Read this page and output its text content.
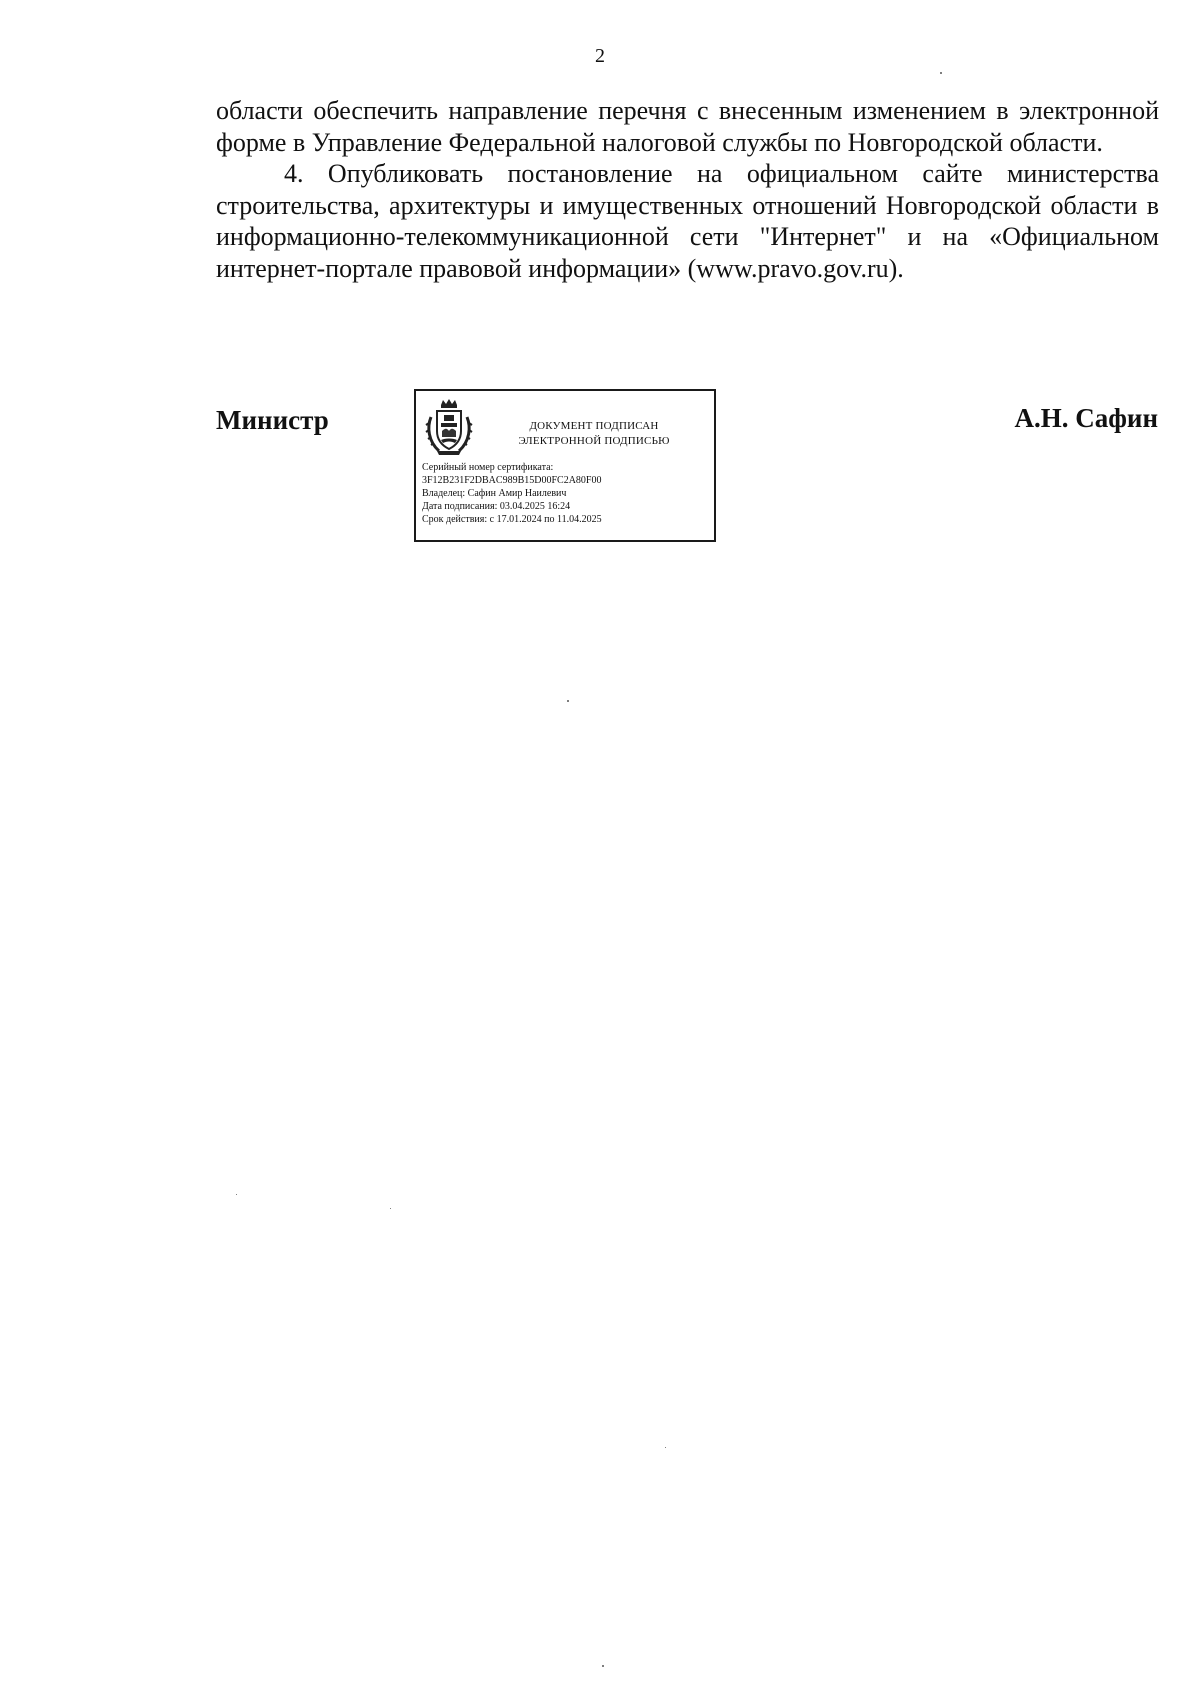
2

области обеспечить направление перечня с внесенным изменением в электронной форме в Управление Федеральной налоговой службы по Новгородской области.

4. Опубликовать постановление на официальном сайте министерства строительства, архитектуры и имущественных отношений Новгородской области в информационно-телекоммуникационной сети "Интернет" и на «Официальном интернет-портале правовой информации» (www.pravo.gov.ru).

Министр	ДОКУМЕНТ ПОДПИСАН
ЭЛЕКТРОННОЙ ПОДПИСЬЮ
Серийный номер сертификата:
3F12B231F2DBAC989B15D00FC2A80F00
Владелец: Сафин Амир Наилевич
Дата подписания: 03.04.2025 16:24
Срок действия: с 17.01.2024 по 11.04.2025
А.Н. Сафин
